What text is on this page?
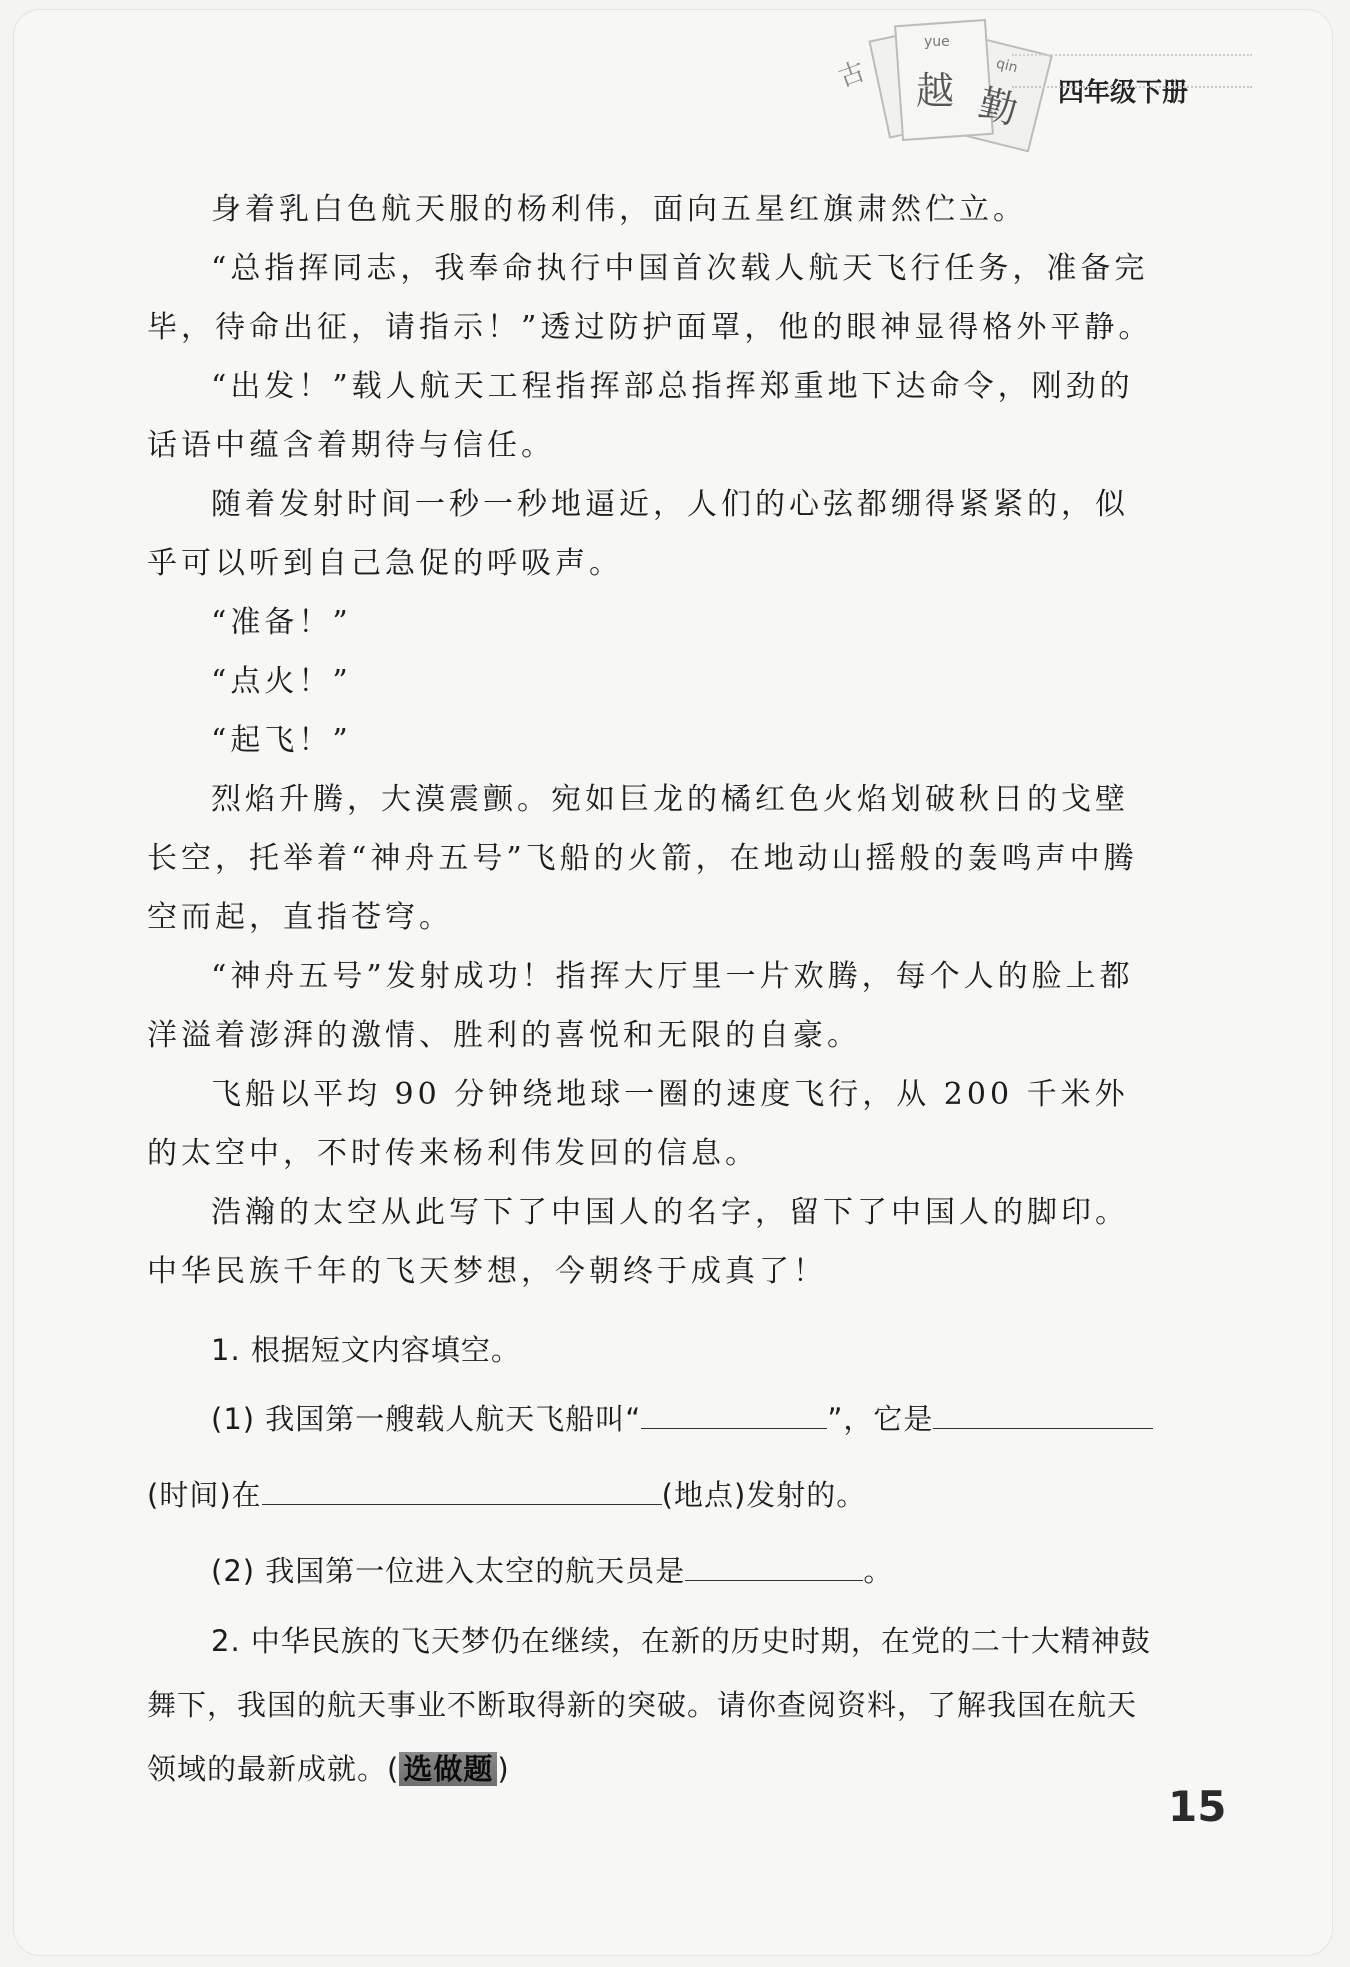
古
yue
越
qin
勤 四年级下册

身着乳白色航天服的杨利伟，面向五星红旗肃然伫立。

“总指挥同志，我奉命执行中国首次载人航天飞行任务，准备完毕，待命出征，请指示！”透过防护面罩，他的眼神显得格外平静。

“出发！”载人航天工程指挥部总指挥郑重地下达命令，刚劲的话语中蕴含着期待与信任。

随着发射时间一秒一秒地逼近，人们的心弦都绷得紧紧的，似乎可以听到自己急促的呼吸声。

“准备！”

“点火！”

“起飞！”

烈焰升腾，大漠震颤。宛如巨龙的橘红色火焰划破秋日的戈壁长空，托举着“神舟五号”飞船的火箭，在地动山摇般的轰鸣声中腾空而起，直指苍穹。

“神舟五号”发射成功！指挥大厅里一片欢腾，每个人的脸上都洋溢着澎湃的激情、胜利的喜悦和无限的自豪。

飞船以平均 90 分钟绕地球一圈的速度飞行，从 200 千米外的太空中，不时传来杨利伟发回的信息。

浩瀚的太空从此写下了中国人的名字，留下了中国人的脚印。中华民族千年的飞天梦想，今朝终于成真了！

1. 根据短文内容填空。

(1) 我国第一艘载人航天飞船叫“	”，它是

(时间)在	(地点)发射的。

(2) 我国第一位进入太空的航天员是	。

2. 中华民族的飞天梦仍在继续，在新的历史时期，在党的二十大精神鼓舞下，我国的航天事业不断取得新的突破。请你查阅资料，了解我国在航天领域的最新成就。( 选做题 )

15
